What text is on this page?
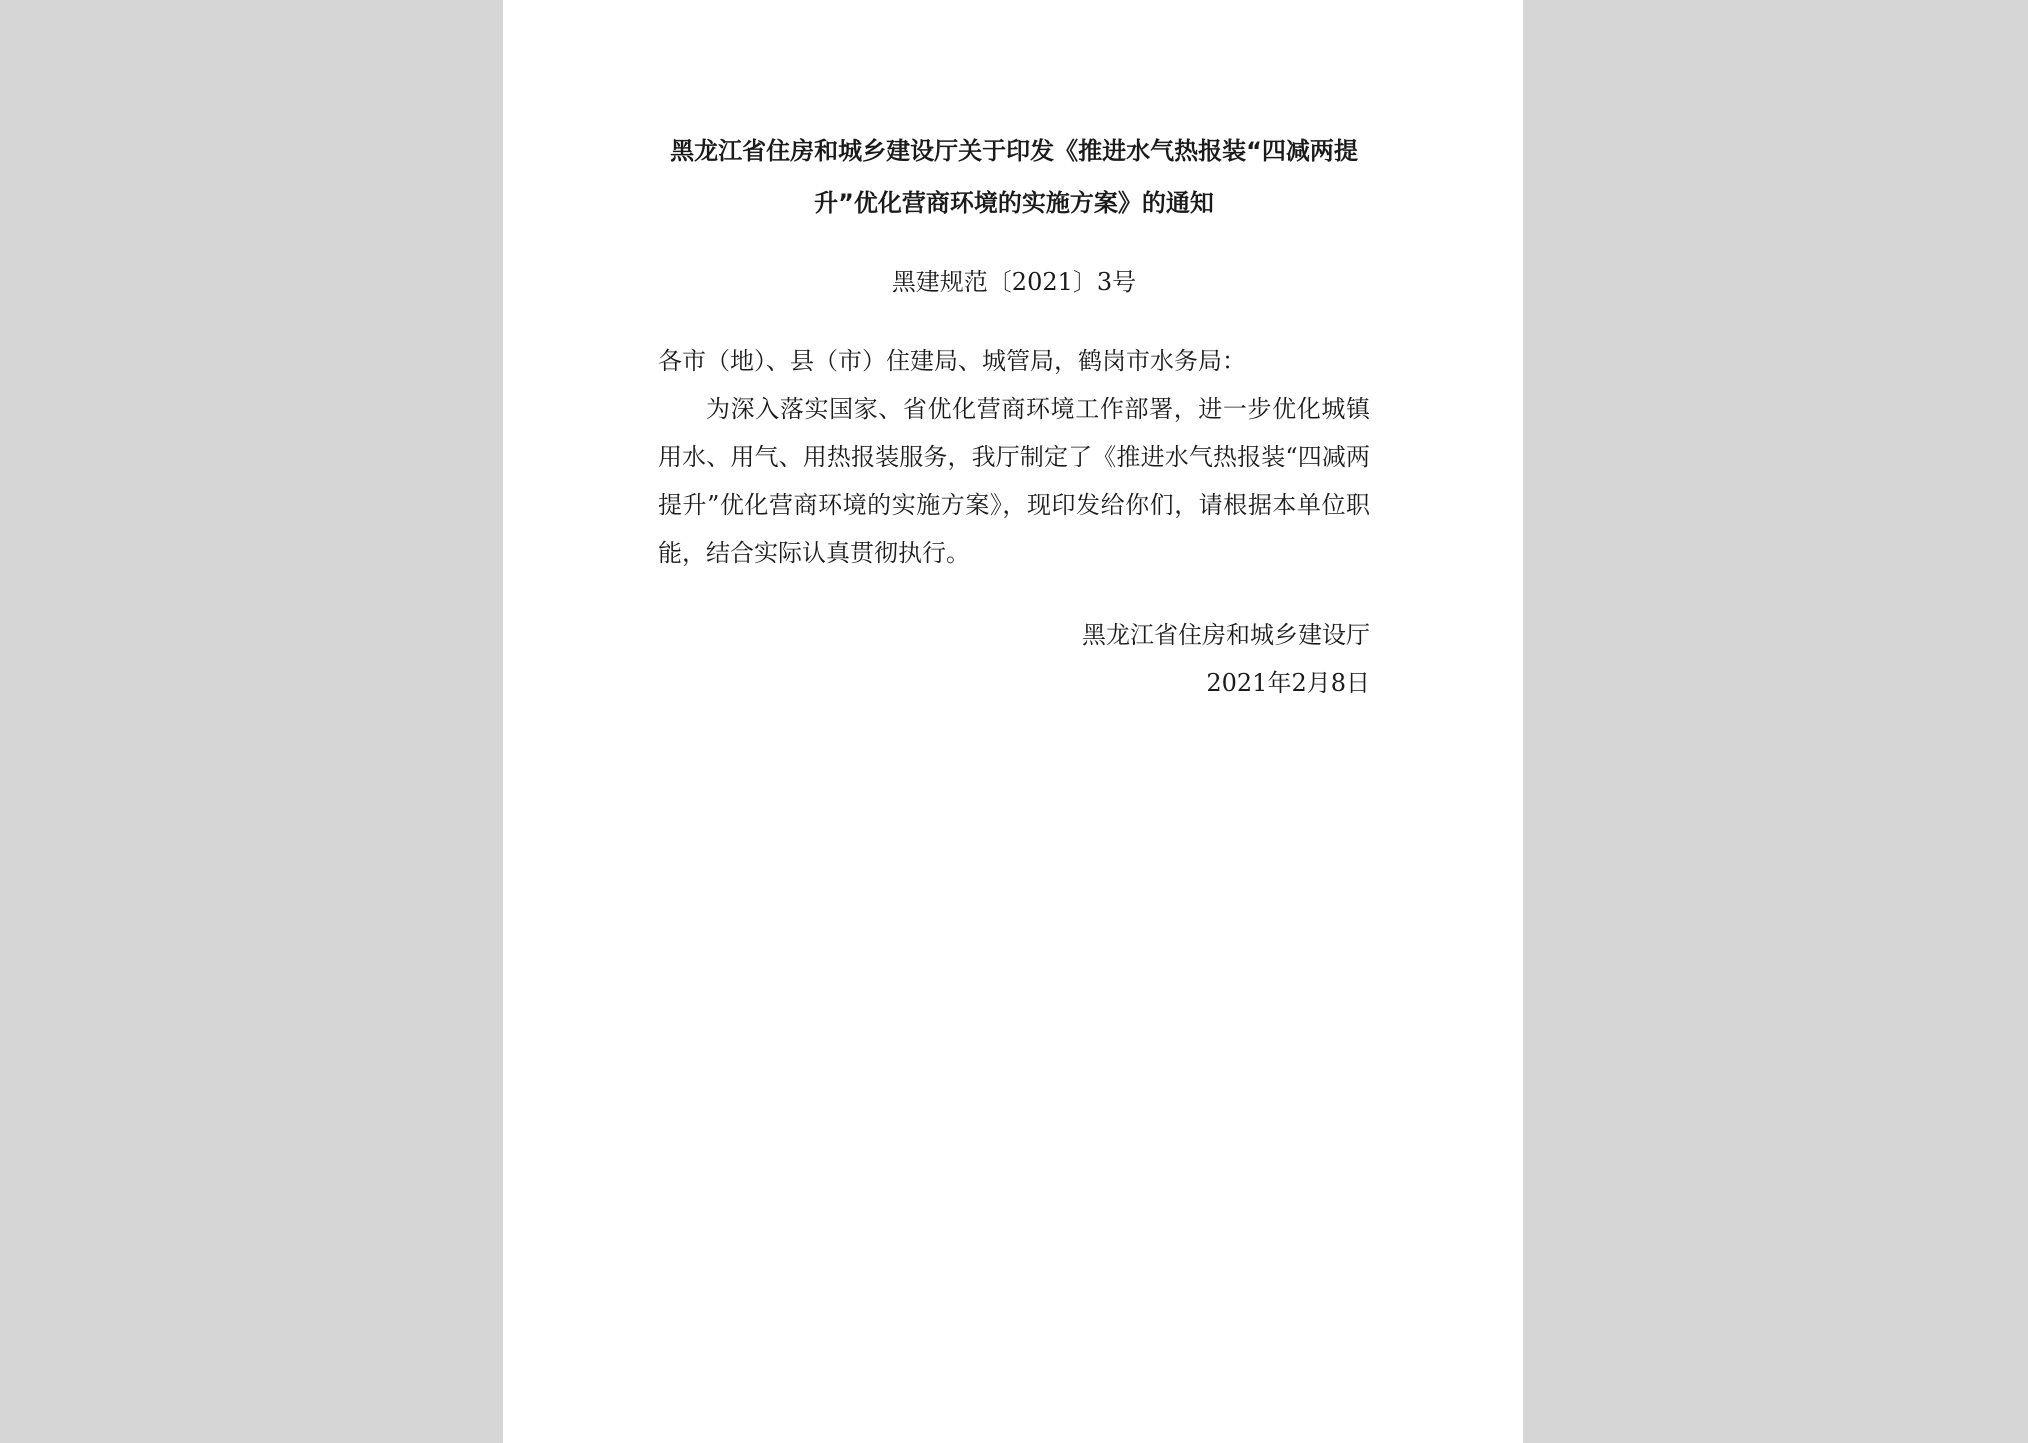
黑龙江省住房和城乡建设厅关于印发《推进水气热报装“四减两提升”优化营商环境的实施方案》的通知
黑建规范〔2021〕3号
各市（地）、县（市）住建局、城管局，鹤岗市水务局：

为深入落实国家、省优化营商环境工作部署，进一步优化城镇用水、用气、用热报装服务，我厅制定了《推进水气热报装“四减两提升”优化营商环境的实施方案》，现印发给你们，请根据本单位职能，结合实际认真贯彻执行。

黑龙江省住房和城乡建设厅
2021年2月8日
